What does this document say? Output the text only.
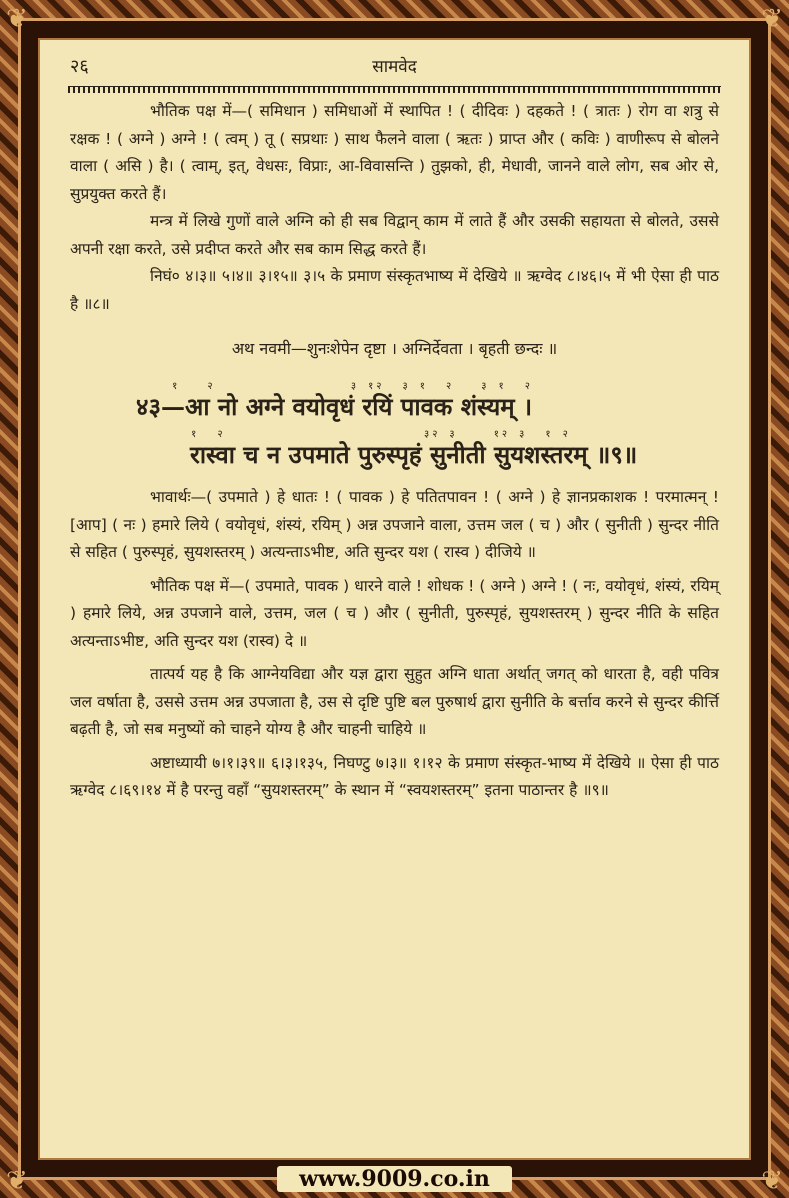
❦	❦
❦	❦
२६	सामवेद

भौतिक पक्ष में—( समिधान ) समिधाओं में स्थापित ! ( दीदिवः ) दहकते ! ( त्रातः ) रोग वा शत्रु से रक्षक ! ( अग्ने ) अग्ने ! ( त्वम् ) तू ( सप्रथाः ) साथ फैलने वाला ( ऋतः ) प्राप्त और ( कविः ) वाणीरूप से बोलने वाला ( असि ) है। ( त्वाम्, इत्, वेधसः, विप्राः, आ-विवासन्ति ) तुझको, ही, मेधावी, जानने वाले लोग, सब ओर से, सुप्रयुक्त करते हैं।

मन्त्र में लिखे गुणों वाले अग्नि को ही सब विद्वान् काम में लाते हैं और उसकी सहायता से बोलते, उससे अपनी रक्षा करते, उसे प्रदीप्त करते और सब काम सिद्ध करते हैं।

निघं० ४।३॥ ५।४॥ ३।१५॥ ३।५ के प्रमाण संस्कृतभाष्य में देखिये ॥ ऋग्वेद ८।४६।५ में भी ऐसा ही पाठ है ॥८॥

अथ नवमी—शुनःशेपेन दृष्टा । अग्निर्देवता । बृहती छन्दः ॥
१   २               ३ १२  ३ १  २   ३ १  २
४३—आ नो अग्ने वयोवृधं रयिं पावक शंस्यम् ।
१  २                      ३२ ३    १२ ३  १ २
रास्वा च न उपमाते पुरुस्पृहं सुनीती सुयशस्तरम् ॥९॥

भावार्थः—( उपमाते ) हे धातः ! ( पावक ) हे पतितपावन ! ( अग्ने ) हे ज्ञानप्रकाशक ! परमात्मन् ! [आप] ( नः ) हमारे लिये ( वयोवृधं, शंस्यं, रयिम् ) अन्न उपजाने वाला, उत्तम जल ( च ) और ( सुनीती ) सुन्दर नीति से सहित ( पुरुस्पृहं, सुयशस्तरम् ) अत्यन्ताऽभीष्ट, अति सुन्दर यश ( रास्व ) दीजिये ॥

भौतिक पक्ष में—( उपमाते, पावक ) धारने वाले ! शोधक ! ( अग्ने ) अग्ने ! ( नः, वयोवृधं, शंस्यं, रयिम् ) हमारे लिये, अन्न उपजाने वाले, उत्तम, जल ( च ) और ( सुनीती, पुरुस्पृहं, सुयशस्तरम् ) सुन्दर नीति के सहित अत्यन्ताऽभीष्ट, अति सुन्दर यश (रास्व) दे ॥

तात्पर्य यह है कि आग्नेयविद्या और यज्ञ द्वारा सुहुत अग्नि धाता अर्थात् जगत् को धारता है, वही पवित्र जल वर्षाता है, उससे उत्तम अन्न उपजाता है, उस से दृष्टि पुष्टि बल पुरुषार्थ द्वारा सुनीति के बर्त्ताव करने से सुन्दर कीर्त्ति बढ़ती है, जो सब मनुष्यों को चाहने योग्य है और चाहनी चाहिये ॥

अष्टाध्यायी ७।१।३९॥ ६।३।१३५, निघण्टु ७।३॥ १।१२ के प्रमाण संस्कृत-भाष्य में देखिये ॥ ऐसा ही पाठ ऋग्वेद ८।६९।१४ में है परन्तु वहाँ “सुयशस्तरम्” के स्थान में “स्वयशस्तरम्” इतना पाठान्तर है ॥९॥

www.9009.co.in
